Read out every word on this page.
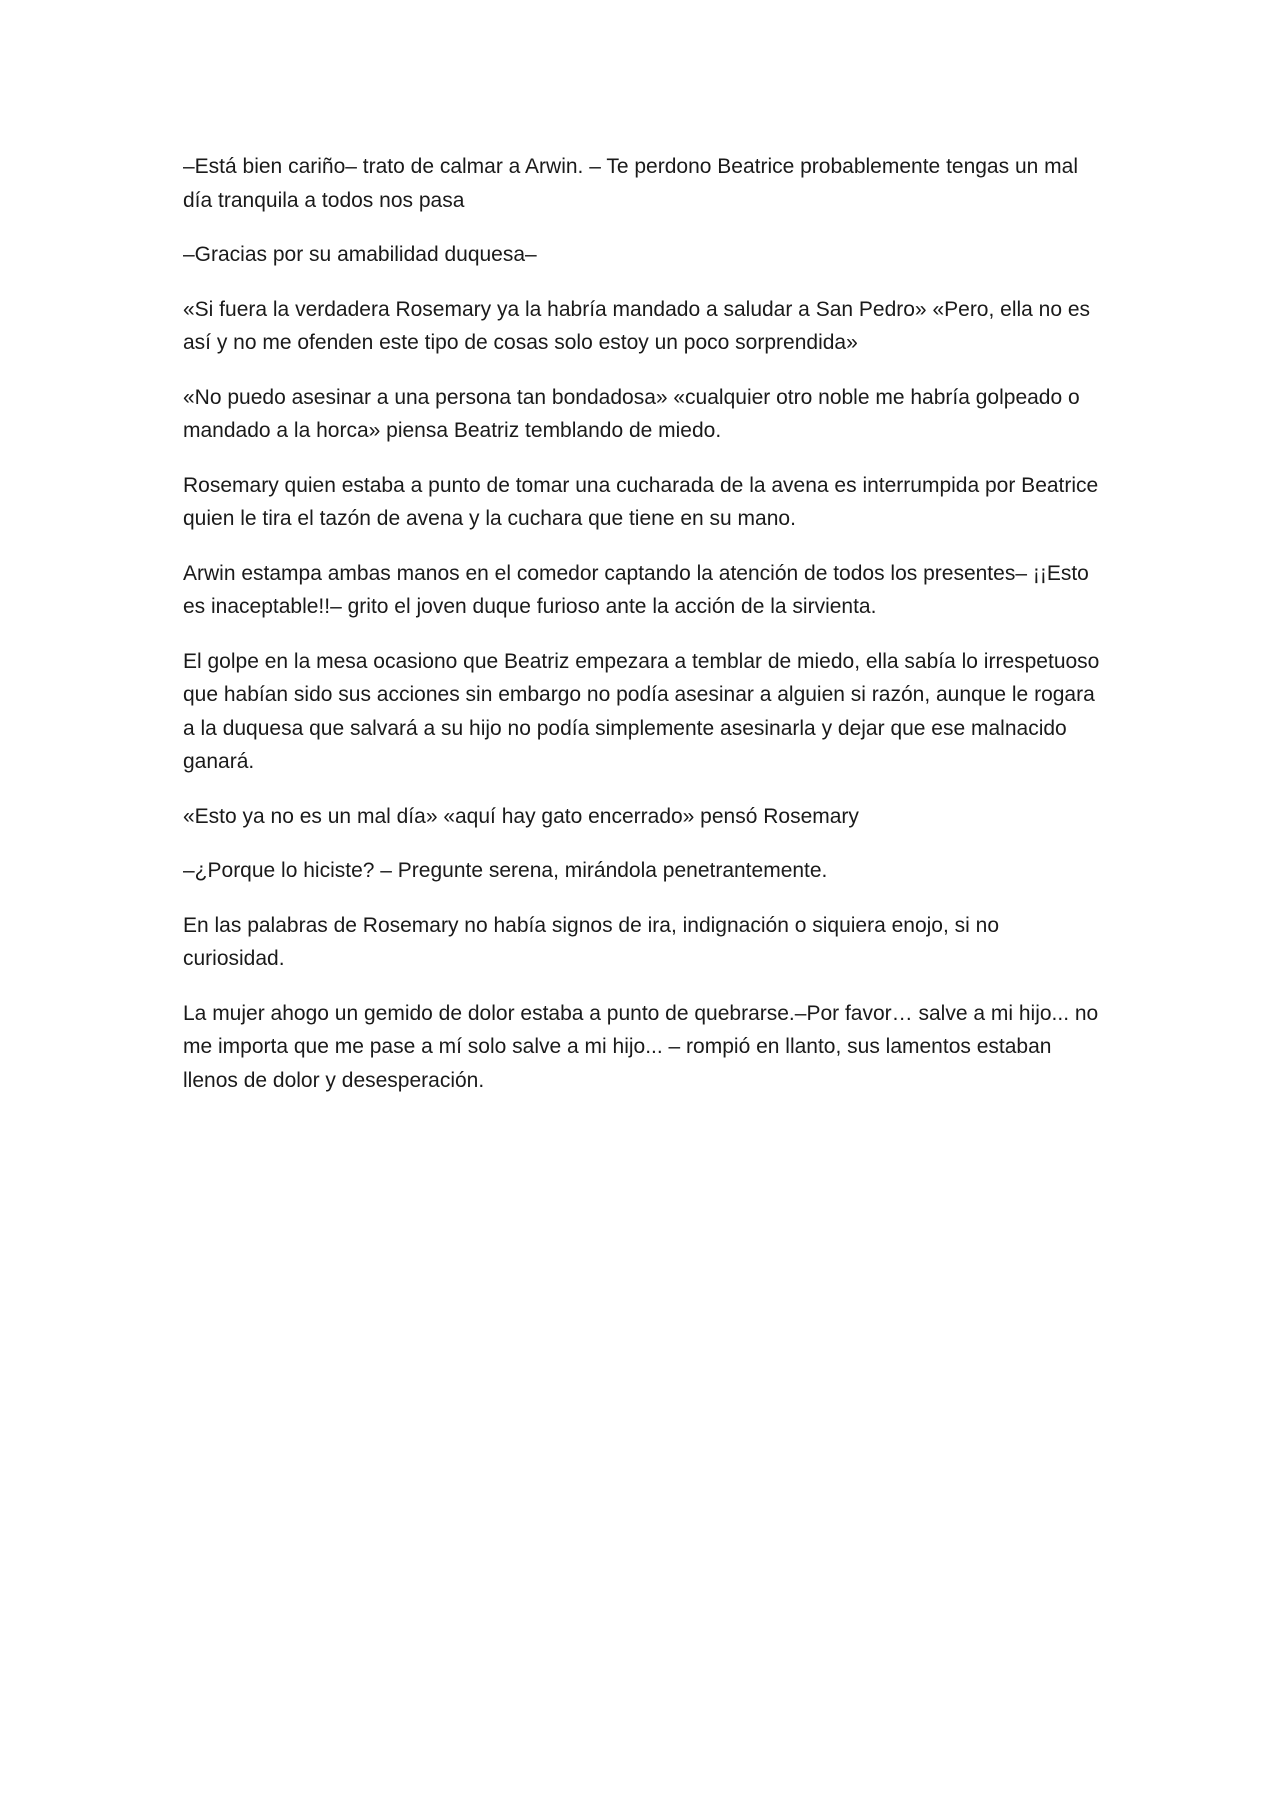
–Está bien cariño– trato de calmar a Arwin. – Te perdono Beatrice probablemente tengas un mal día tranquila a todos nos pasa

–Gracias por su amabilidad duquesa–

«Si fuera la verdadera Rosemary ya la habría mandado a saludar a San Pedro» «Pero, ella no es así y no me ofenden este tipo de cosas solo estoy un poco sorprendida»

«No puedo asesinar a una persona tan bondadosa» «cualquier otro noble me habría golpeado o mandado a la horca» piensa Beatriz temblando de miedo.

Rosemary quien estaba a punto de tomar una cucharada de la avena es interrumpida por Beatrice quien le tira el tazón de avena y la cuchara que tiene en su mano.

Arwin estampa ambas manos en el comedor captando la atención de todos los presentes– ¡¡Esto es inaceptable!!– grito el joven duque furioso ante la acción de la sirvienta.

El golpe en la mesa ocasiono que Beatriz empezara a temblar de miedo, ella sabía lo irrespetuoso que habían sido sus acciones sin embargo no podía asesinar a alguien si razón, aunque le rogara a la duquesa que salvará a su hijo no podía simplemente asesinarla y dejar que ese malnacido ganará.

«Esto ya no es un mal día» «aquí hay gato encerrado» pensó Rosemary

–¿Porque lo hiciste? – Pregunte serena, mirándola penetrantemente.

En las palabras de Rosemary no había signos de ira, indignación o siquiera enojo, si no curiosidad.

La mujer ahogo un gemido de dolor estaba a punto de quebrarse.–Por favor… salve a mi hijo... no me importa que me pase a mí solo salve a mi hijo... – rompió en llanto, sus lamentos estaban llenos de dolor y desesperación.
